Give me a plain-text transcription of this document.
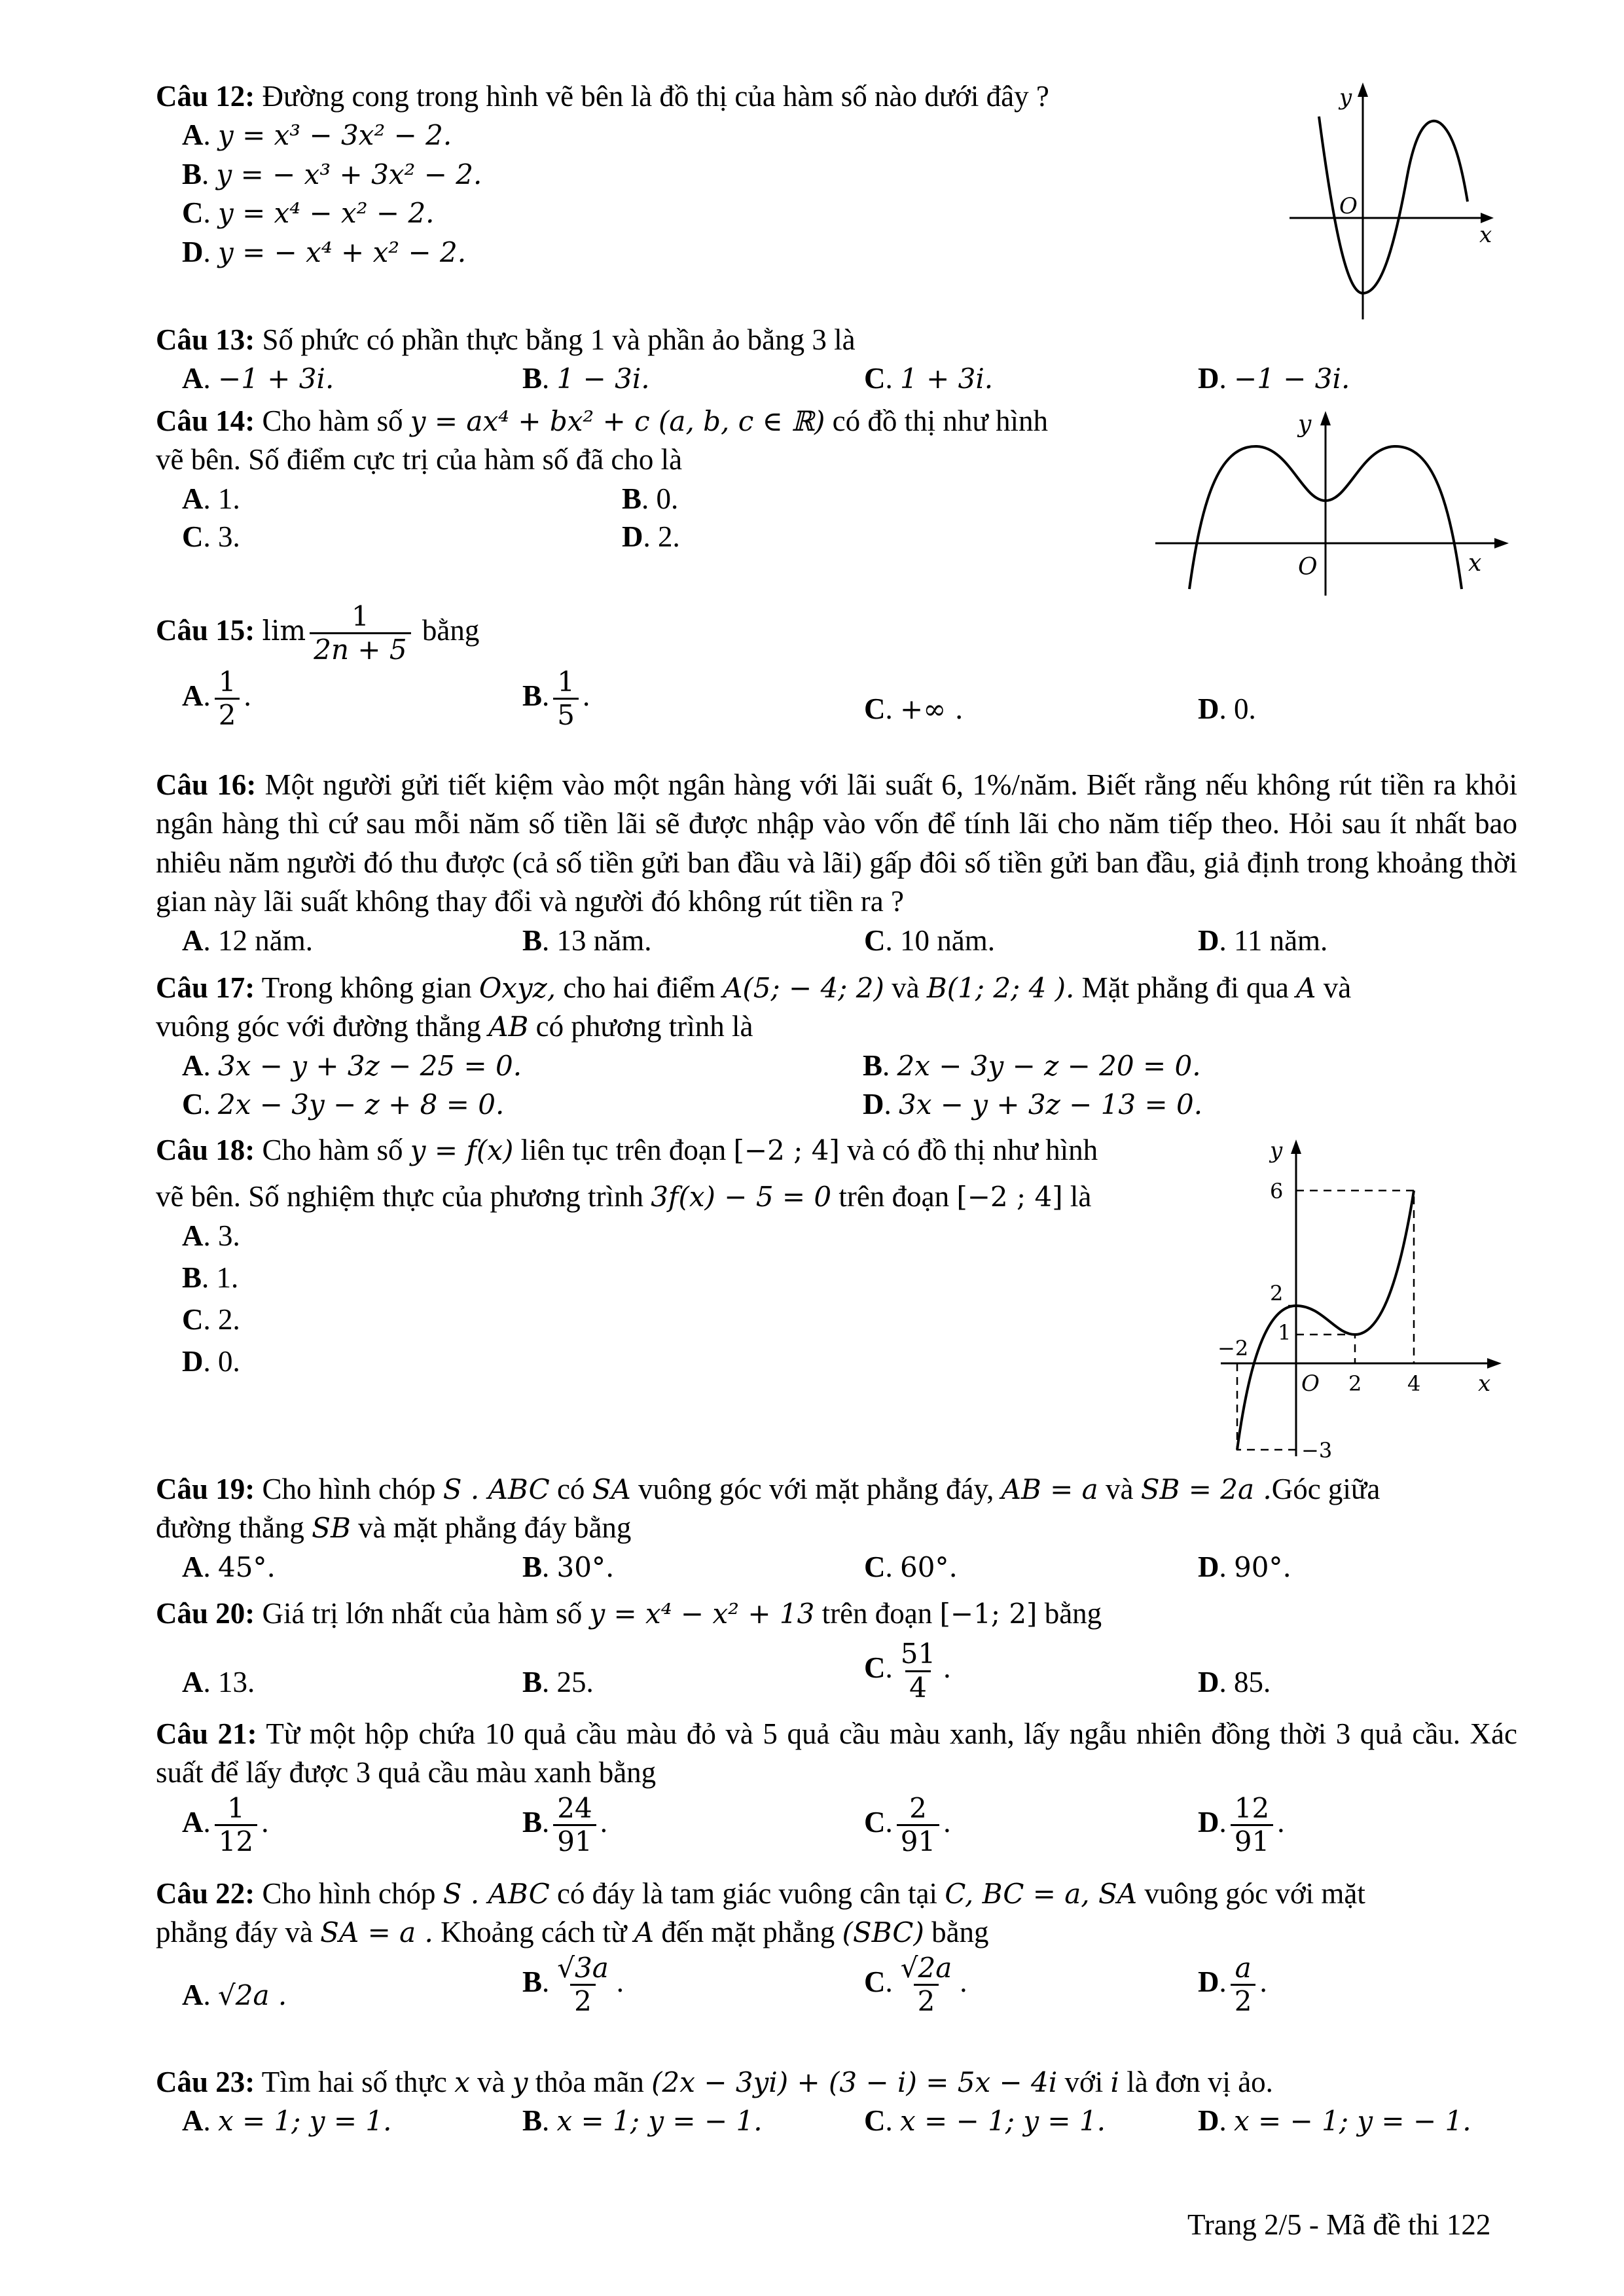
Câu 12: Đường cong trong hình vẽ bên là đồ thị của hàm số nào dưới đây ?

A. y = x³ − 3x² − 2.
B. y = − x³ + 3x² − 2.
C. y = x⁴ − x² − 2.
D. y = − x⁴ + x² − 2.
y
x
O

Câu 13: Số phức có phần thực bằng 1 và phần ảo bằng 3 là

A. −1 + 3i.	B. 1 − 3i.	C. 1 + 3i.	D. −1 − 3i.

Câu 14: Cho hàm số y = ax⁴ + bx² + c (a, b, c ∈ ℝ) có đồ thị như hình

vẽ bên. Số điểm cực trị của hàm số đã cho là

A. 1.	B. 0.
C. 3.	D. 2.
y
x
O

Câu 15: $\lim \frac{1}{2n + 5}$ bằng

A. $\frac{1}{2}$ .	B. $\frac{1}{5}$ .	C. +∞ .	D. 0.

Câu 16: Một người gửi tiết kiệm vào một ngân hàng với lãi suất 6, 1%/năm. Biết rằng nếu không rút tiền ra khỏi ngân hàng thì cứ sau mỗi năm số tiền lãi sẽ được nhập vào vốn để tính lãi cho năm tiếp theo. Hỏi sau ít nhất bao nhiêu năm người đó thu được (cả số tiền gửi ban đầu và lãi) gấp đôi số tiền gửi ban đầu, giả định trong khoảng thời gian này lãi suất không thay đổi và người đó không rút tiền ra ?

A. 12 năm.	B. 13 năm.	C. 10 năm.	D. 11 năm.

Câu 17: Trong không gian Oxyz, cho hai điểm A(5; − 4; 2) và B(1; 2; 4 ). Mặt phẳng đi qua A và

vuông góc với đường thẳng AB có phương trình là

A. 3x − y + 3z − 25 = 0.	B. 2x − 3y − z − 20 = 0.
C. 2x − 3y − z + 8 = 0.	D. 3x − y + 3z − 13 = 0.

Câu 18: Cho hàm số y = f(x) liên tục trên đoạn [−2 ; 4] và có đồ thị như hình

vẽ bên. Số nghiệm thực của phương trình 3f(x) − 5 = 0 trên đoạn [−2 ; 4] là

A. 3.
B. 1.
C. 2.
D. 0.
y
x
O
6
2
1
−3
−2
2 4

Câu 19: Cho hình chóp S . ABC có SA vuông góc với mặt phẳng đáy, AB = a và SB = 2a .Góc giữa

đường thẳng SB và mặt phẳng đáy bằng

A. 45°.	B. 30°.	C. 60°.	D. 90°.

Câu 20: Giá trị lớn nhất của hàm số y = x⁴ − x² + 13 trên đoạn [−1; 2] bằng

A. 13.	B. 25.	C. $\frac{51}{4}$ .	D. 85.

Câu 21: Từ một hộp chứa 10 quả cầu màu đỏ và 5 quả cầu màu xanh, lấy ngẫu nhiên đồng thời 3 quả cầu. Xác suất để lấy được 3 quả cầu màu xanh bằng

A. $\frac{1}{12}$ .	B. $\frac{24}{91}$ .	C. $\frac{2}{91}$ .	D. $\frac{12}{91}$ .

Câu 22: Cho hình chóp S . ABC có đáy là tam giác vuông cân tại C, BC = a, SA vuông góc với mặt

phẳng đáy và SA = a . Khoảng cách từ A đến mặt phẳng (SBC) bằng

A. √2a .	B. $\frac{√3a}{2}$ .	C. $\frac{√2a}{2}$ .	D. $\frac{a}{2}$ .

Câu 23: Tìm hai số thực x và y thỏa mãn (2x − 3yi) + (3 − i) = 5x − 4i với i là đơn vị ảo.

A. x = 1; y = 1.	B. x = 1; y = − 1.	C. x = − 1; y = 1.	D. x = − 1; y = − 1.
Trang 2/5 - Mã đề thi 122
